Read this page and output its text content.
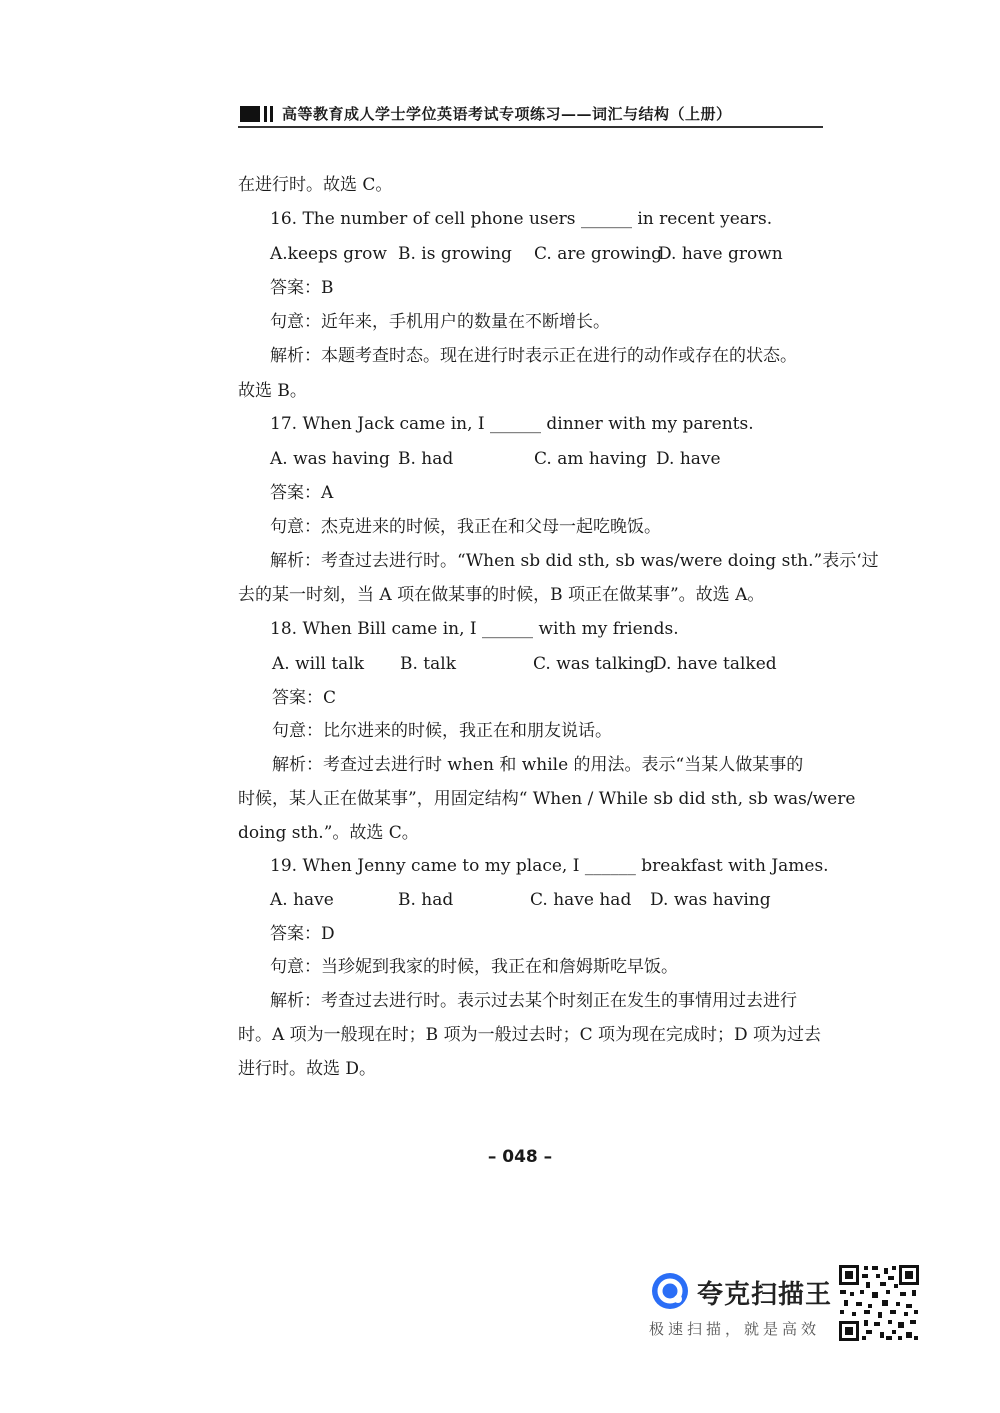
高等教育成人学士学位英语考试专项练习——词汇与结构（上册）
在进行时。故选 C。
16. The number of cell phone users ______ in recent years.
A.keeps grow B. is growing C. are growing
D. have grown
答案：B
句意：近年来，手机用户的数量在不断增长。
解析：本题考查时态。现在进行时表示正在进行的动作或存在的状态。
故选 B。
17. When Jack came in, I ______ dinner with my parents.
A. was having B. had	C. am having D. have
答案：A
句意：杰克进来的时候，我正在和父母一起吃晚饭。
解析：考查过去进行时。“When sb did sth, sb was/were doing sth.”表示‘过
去的某一时刻，当 A 项在做某事的时候，B 项正在做某事”。故选 A。
18. When Bill came in, I ______ with my friends.
A. will talk B. talk	C. was talking
D. have talked
答案：C
句意：比尔进来的时候，我正在和朋友说话。
解析：考查过去进行时 when 和 while 的用法。表示“当某人做某事的
时候，某人正在做某事”，用固定结构“ When / While sb did sth, sb was/were
doing sth.”。故选 C。
19. When Jenny came to my place, I ______ breakfast with James.
A. have	B. had	C. have had D. was having
答案：D
句意：当珍妮到我家的时候，我正在和詹姆斯吃早饭。
解析：考查过去进行时。表示过去某个时刻正在发生的事情用过去进行
时。A 项为一般现在时；B 项为一般过去时；C 项为现在完成时；D 项为过去
进行时。故选 D。
– 048 –
夸克扫描王
极速扫描，就是高效
